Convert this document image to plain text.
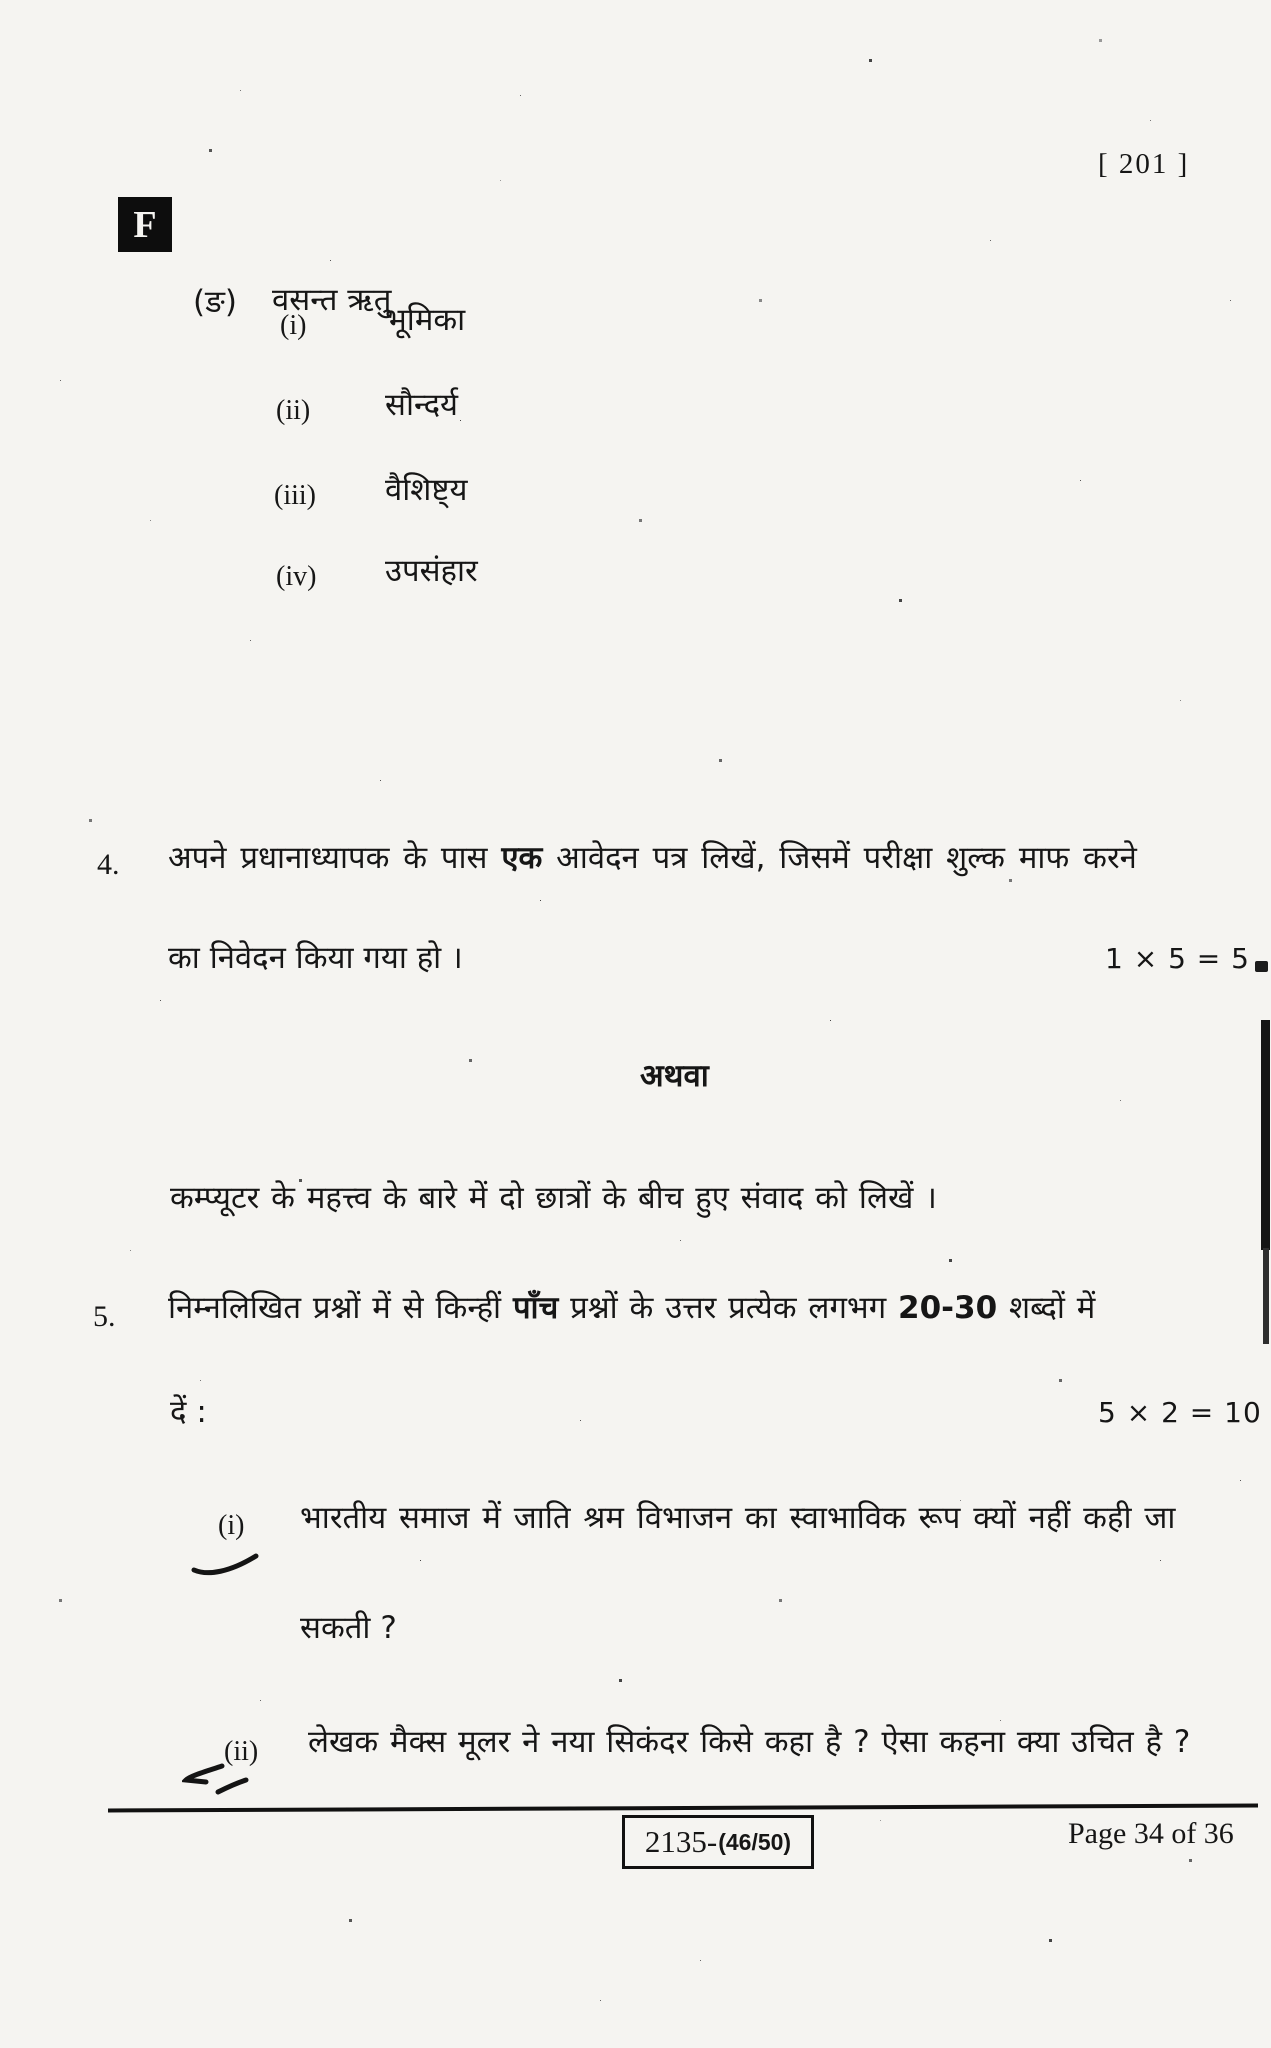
F
[ 201 ]
(ङ) वसन्त ऋतु
(i)	भूमिका
(ii) सौन्दर्य
(iii) वैशिष्ट्य
(iv) उपसंहार
4. अपने प्रधानाध्यापक के पास एक आवेदन पत्र लिखें, जिसमें परीक्षा शुल्क माफ करने
का निवेदन किया गया हो ।	1 × 5 = 5
अथवा
कम्प्यूटर के महत्त्व के बारे में दो छात्रों के बीच हुए संवाद को लिखें ।
5. निम्नलिखित प्रश्नों में से किन्हीं पाँच प्रश्नों के उत्तर प्रत्येक लगभग 20-30 शब्दों में
दें :	5 × 2 = 10
(i) भारतीय समाज में जाति श्रम विभाजन का स्वाभाविक रूप क्यों नहीं कही जा
सकती ?
(ii) लेखक मैक्स मूलर ने नया सिकंदर किसे कहा है ? ऐसा कहना क्या उचित है ?
2135- (46/50)	Page 34 of 36
